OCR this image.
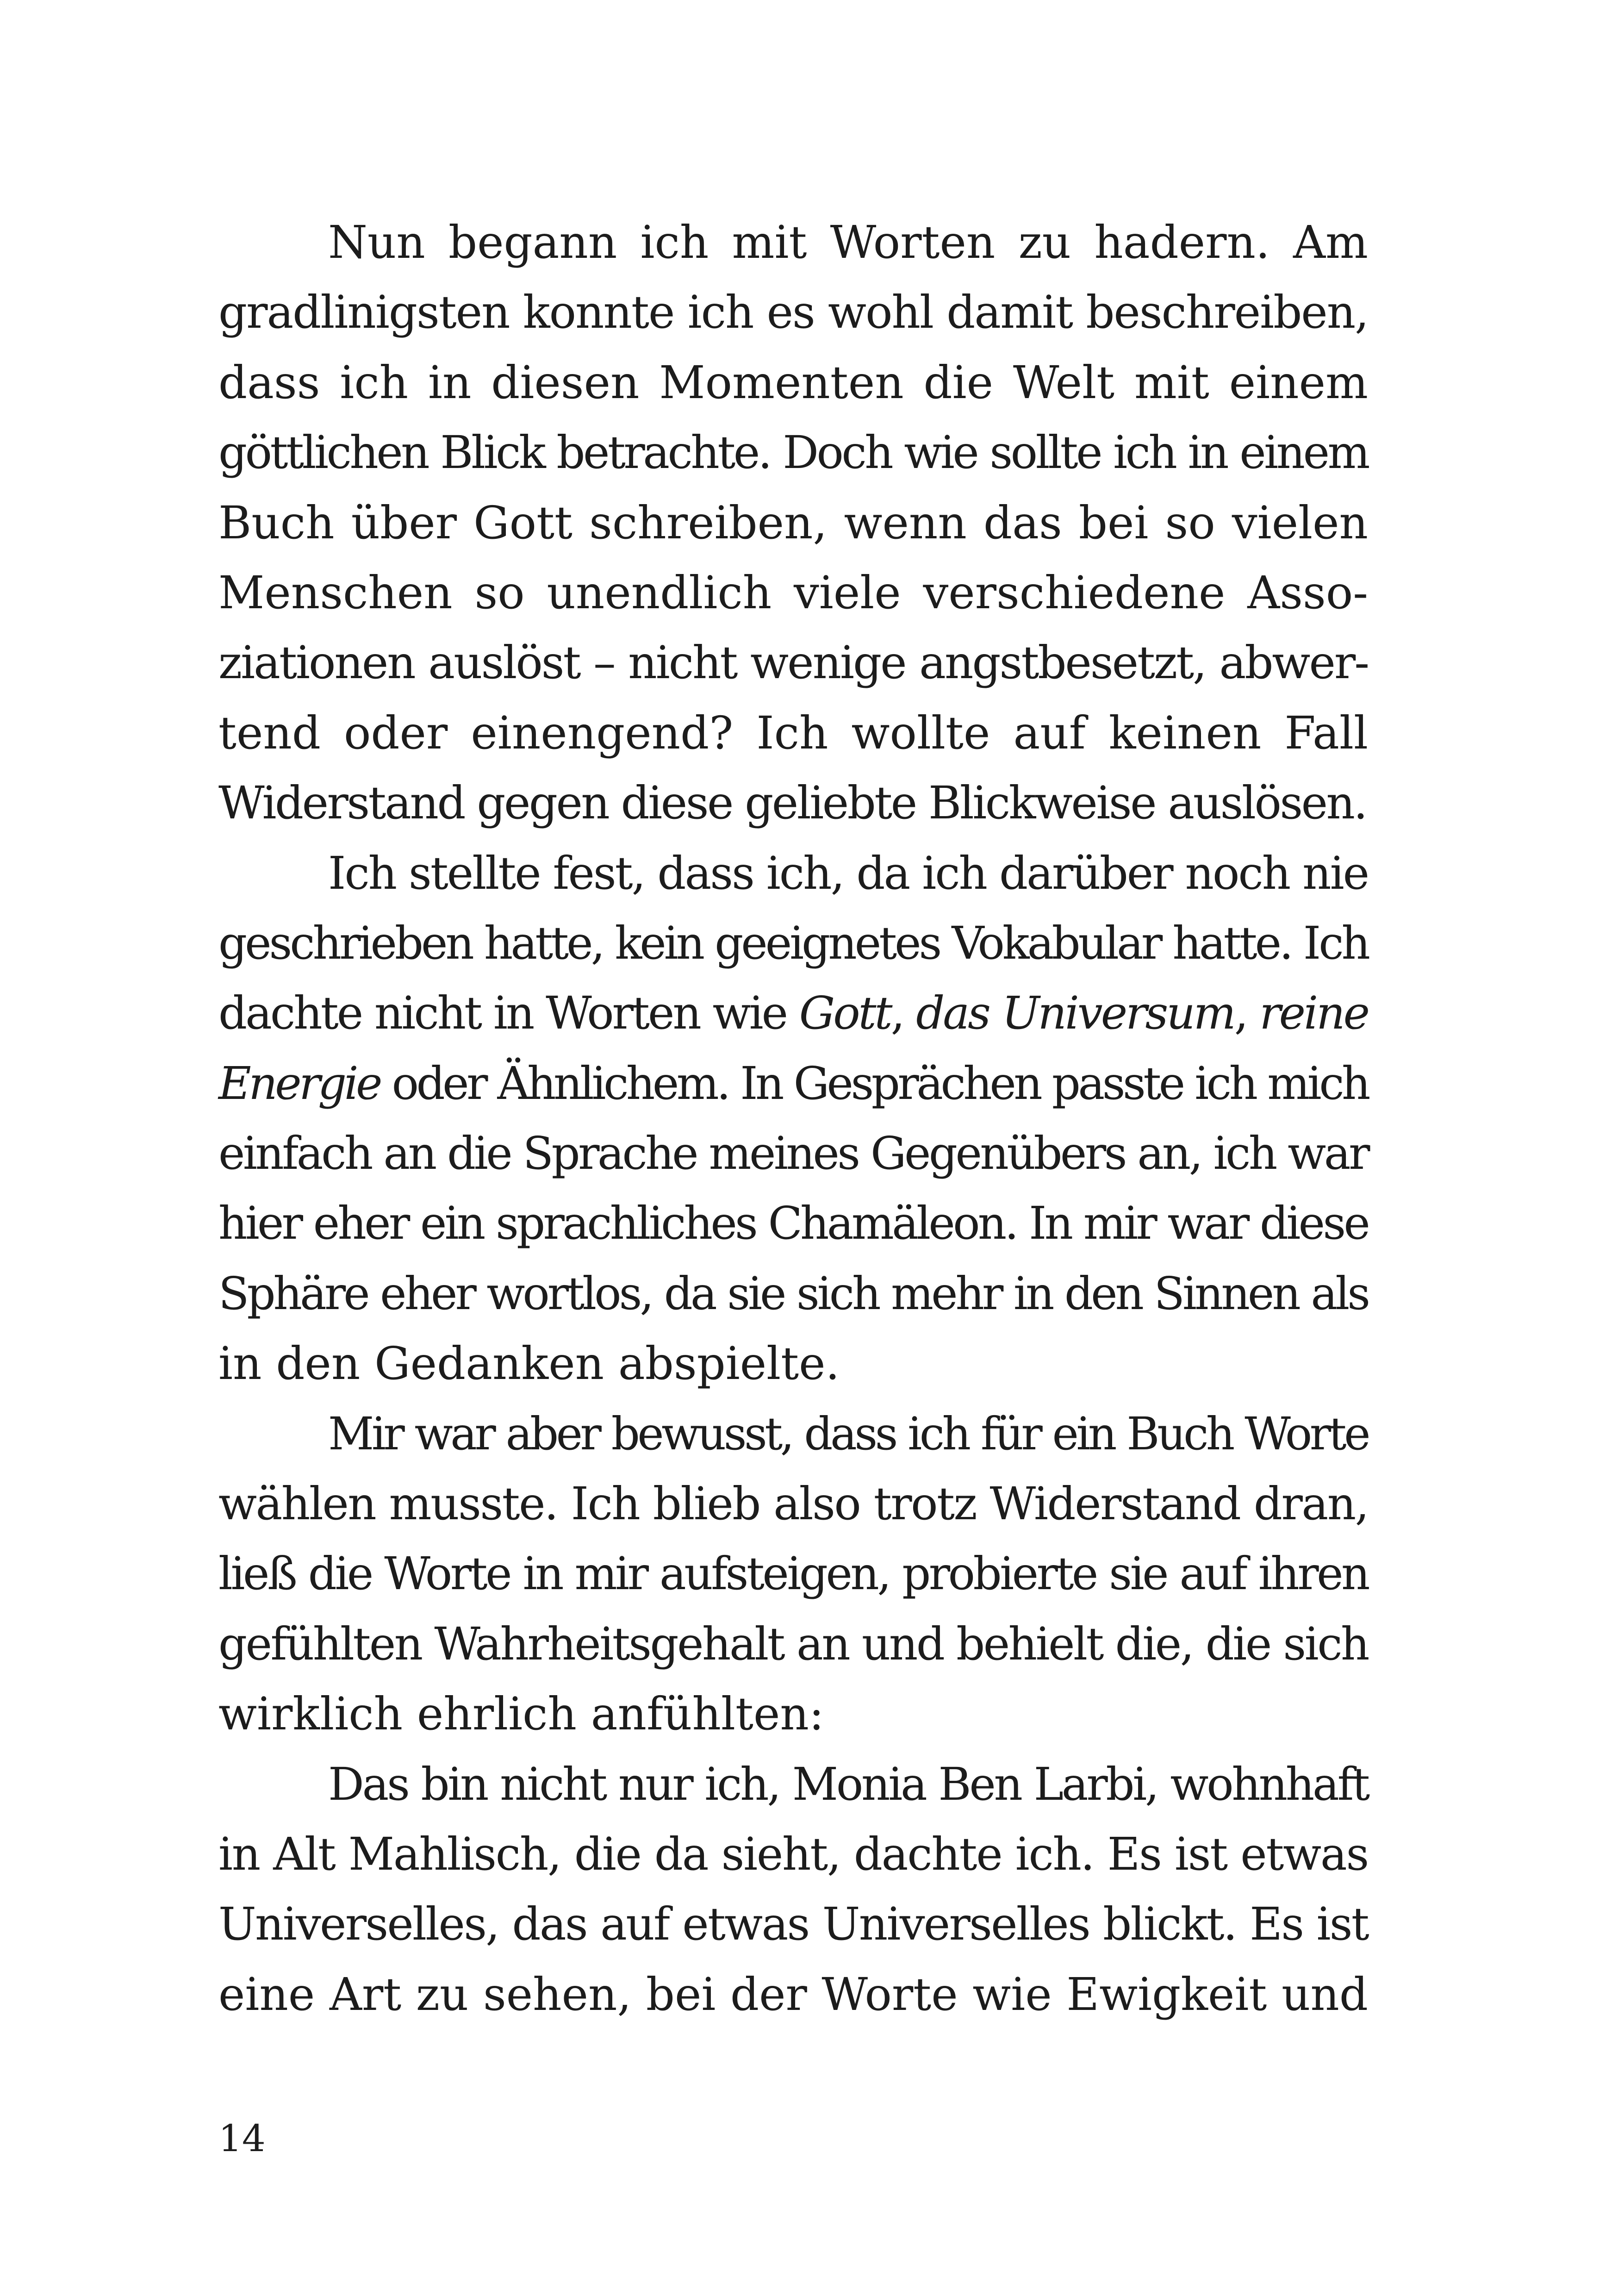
Nun begann ich mit Worten zu hadern. Am
gradlinigsten konnte ich es wohl damit beschreiben,
dass ich in diesen Momenten die Welt mit einem
göttlichen Blick betrachte. Doch wie sollte ich in einem
Buch über Gott schreiben, wenn das bei so vielen
Menschen so unendlich viele verschiedene Asso-
ziationen auslöst – nicht wenige angstbesetzt, abwer-
tend oder einengend? Ich wollte auf keinen Fall
Widerstand gegen diese geliebte Blickweise auslösen.
Ich stellte fest, dass ich, da ich darüber noch nie
geschrieben hatte, kein geeignetes Vokabular hatte. Ich
dachte nicht in Worten wie Gott, das Universum, reine
Energie oder Ähnlichem. In Gesprächen passte ich mich
einfach an die Sprache meines Gegenübers an, ich war
hier eher ein sprachliches Chamäleon. In mir war diese
Sphäre eher wortlos, da sie sich mehr in den Sinnen als
in den Gedanken abspielte.
Mir war aber bewusst, dass ich für ein Buch Worte
wählen musste. Ich blieb also trotz Widerstand dran,
ließ die Worte in mir aufsteigen, probierte sie auf ihren
gefühlten Wahrheitsgehalt an und behielt die, die sich
wirklich ehrlich anfühlten:
Das bin nicht nur ich, Monia Ben Larbi, wohnhaft
in Alt Mahlisch, die da sieht, dachte ich. Es ist etwas
Universelles, das auf etwas Universelles blickt. Es ist
eine Art zu sehen, bei der Worte wie Ewigkeit und
14
